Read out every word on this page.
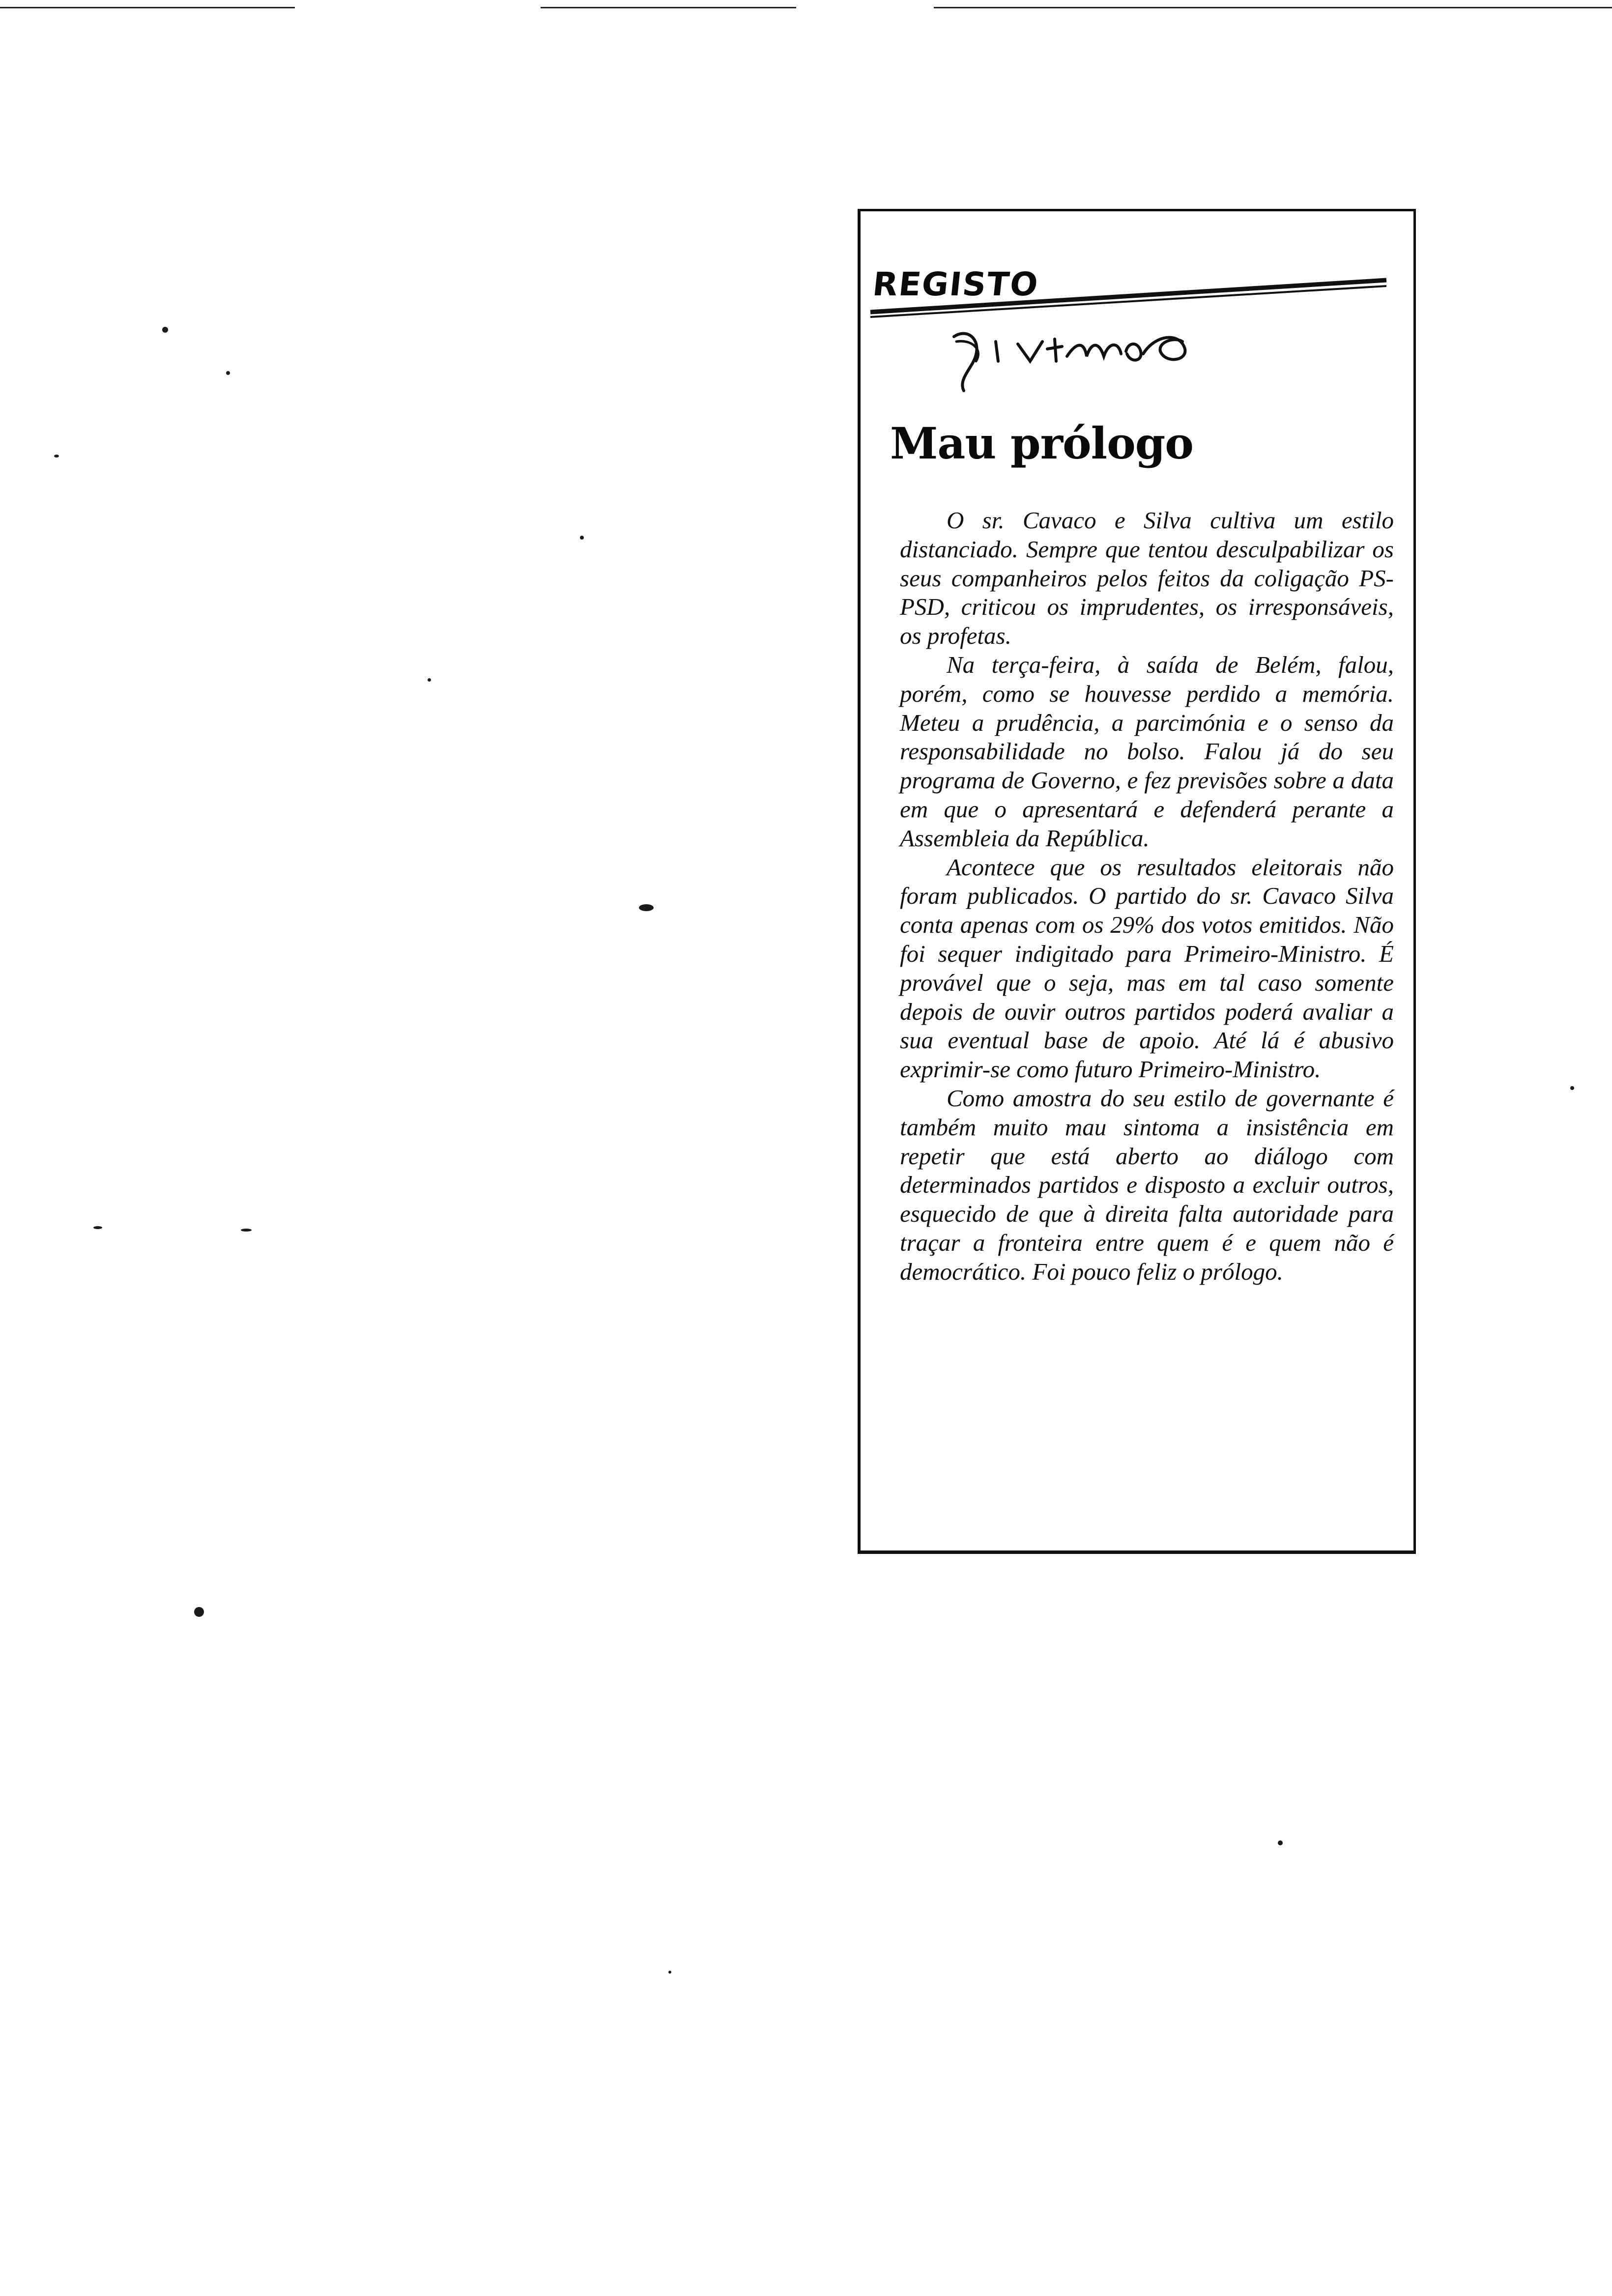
REGISTO
Mau prólogo

O sr. Cavaco e Silva cultiva um estilo distanciado. Sempre que tentou desculpabilizar os seus companheiros pelos feitos da coligação PS-PSD, criticou os imprudentes, os irresponsáveis, os profetas.

Na terça-feira, à saída de Belém, falou, porém, como se houvesse perdido a memória. Meteu a prudência, a parcimónia e o senso da responsabilidade no bolso. Falou já do seu programa de Governo, e fez previsões sobre a data em que o apresentará e defenderá perante a Assembleia da República.

Acontece que os resultados eleitorais não foram publicados. O partido do sr. Cavaco Silva conta apenas com os 29% dos votos emitidos. Não foi sequer indigitado para Primeiro-Ministro. É provável que o seja, mas em tal caso somente depois de ouvir outros partidos poderá avaliar a sua eventual base de apoio. Até lá é abusivo exprimir-se como futuro Primeiro-Ministro.

Como amostra do seu estilo de governante é também muito mau sintoma a insistência em repetir que está aberto ao diálogo com determinados partidos e disposto a excluir outros, esquecido de que à direita falta autoridade para traçar a fronteira entre quem é e quem não é democrático. Foi pouco feliz o prólogo.
